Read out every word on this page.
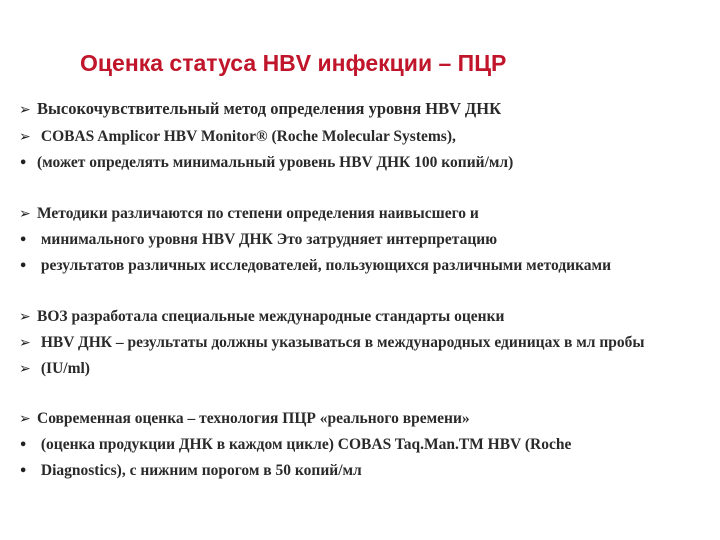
Оценка статуса HBV инфекции – ПЦР
➢ Высокочувствительный метод определения уровня HBV ДНК
➢ COBAS Amplicor HBV Monitor® (Roche Molecular Systems),
• (может определять минимальный уровень HBV ДНК 100 копий/мл)
➢ Методики различаются по степени определения наивысшего и
• минимального уровня HBV ДНК Это затрудняет интерпретацию
• результатов различных исследователей, пользующихся различными методиками
➢ ВОЗ разработала специальные международные стандарты оценки
➢ HBV ДНК – результаты должны указываться в международных единицах в мл пробы
➢ (IU/ml)
➢ Современная оценка – технология ПЦР «реального времени»
• (оценка продукции ДНК в каждом цикле) COBAS Taq.Man.TM HBV (Roche
• Diagnostics), с нижним порогом в 50 копий/мл
